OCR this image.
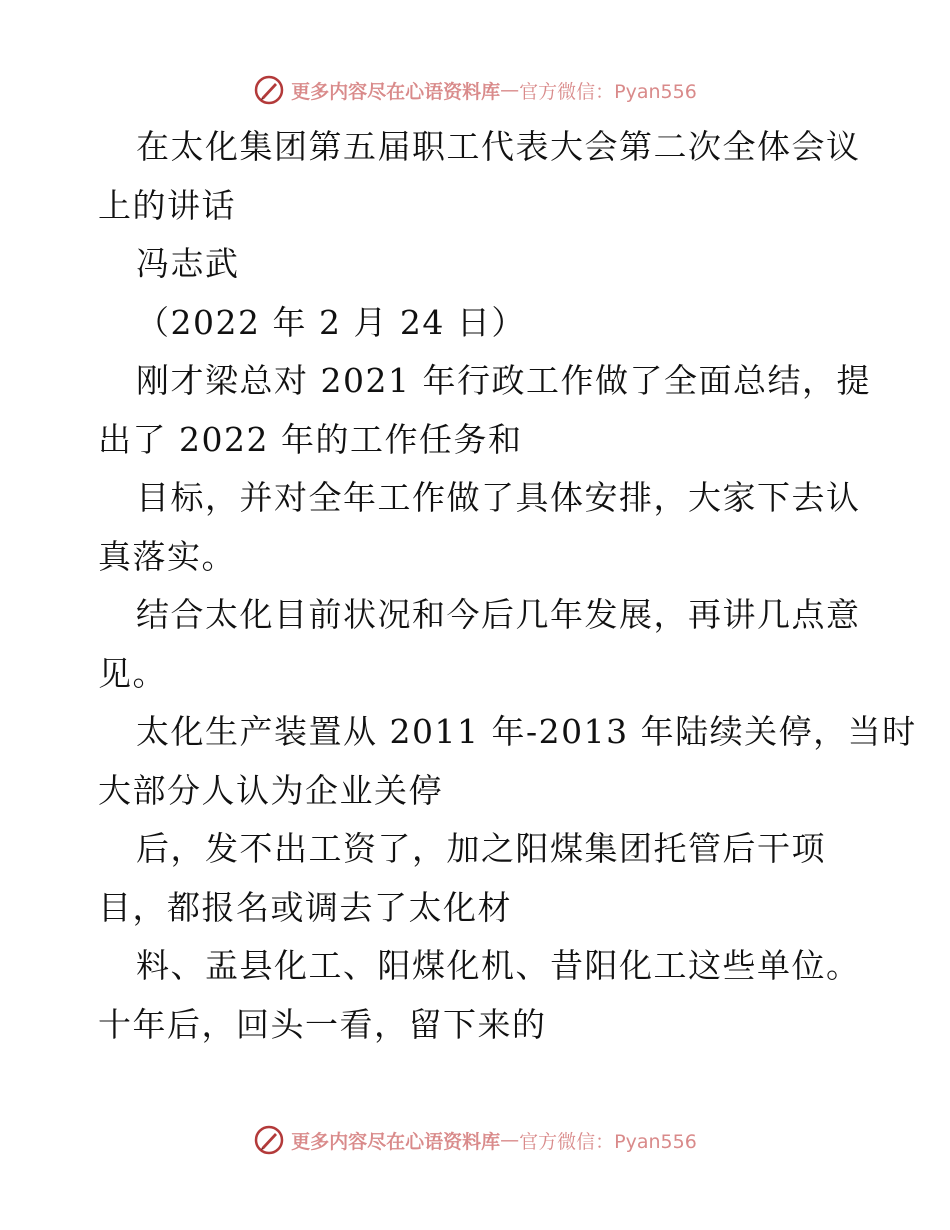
更多内容尽在心语资料库 — 官方微信：Pyan556
在太化集团第五届职工代表大会第二次全体会议
上的讲话
冯志武
（2022 年 2 月 24 日）
刚才梁总对 2021 年行政工作做了全面总结，提
出了 2022 年的工作任务和
目标，并对全年工作做了具体安排，大家下去认
真落实。
结合太化目前状况和今后几年发展，再讲几点意
见。
太化生产装置从 2011 年-2013 年陆续关停，当时
大部分人认为企业关停
后，发不出工资了，加之阳煤集团托管后干项
目，都报名或调去了太化材
料、盂县化工、阳煤化机、昔阳化工这些单位。
十年后，回头一看，留下来的
更多内容尽在心语资料库 — 官方微信：Pyan556
